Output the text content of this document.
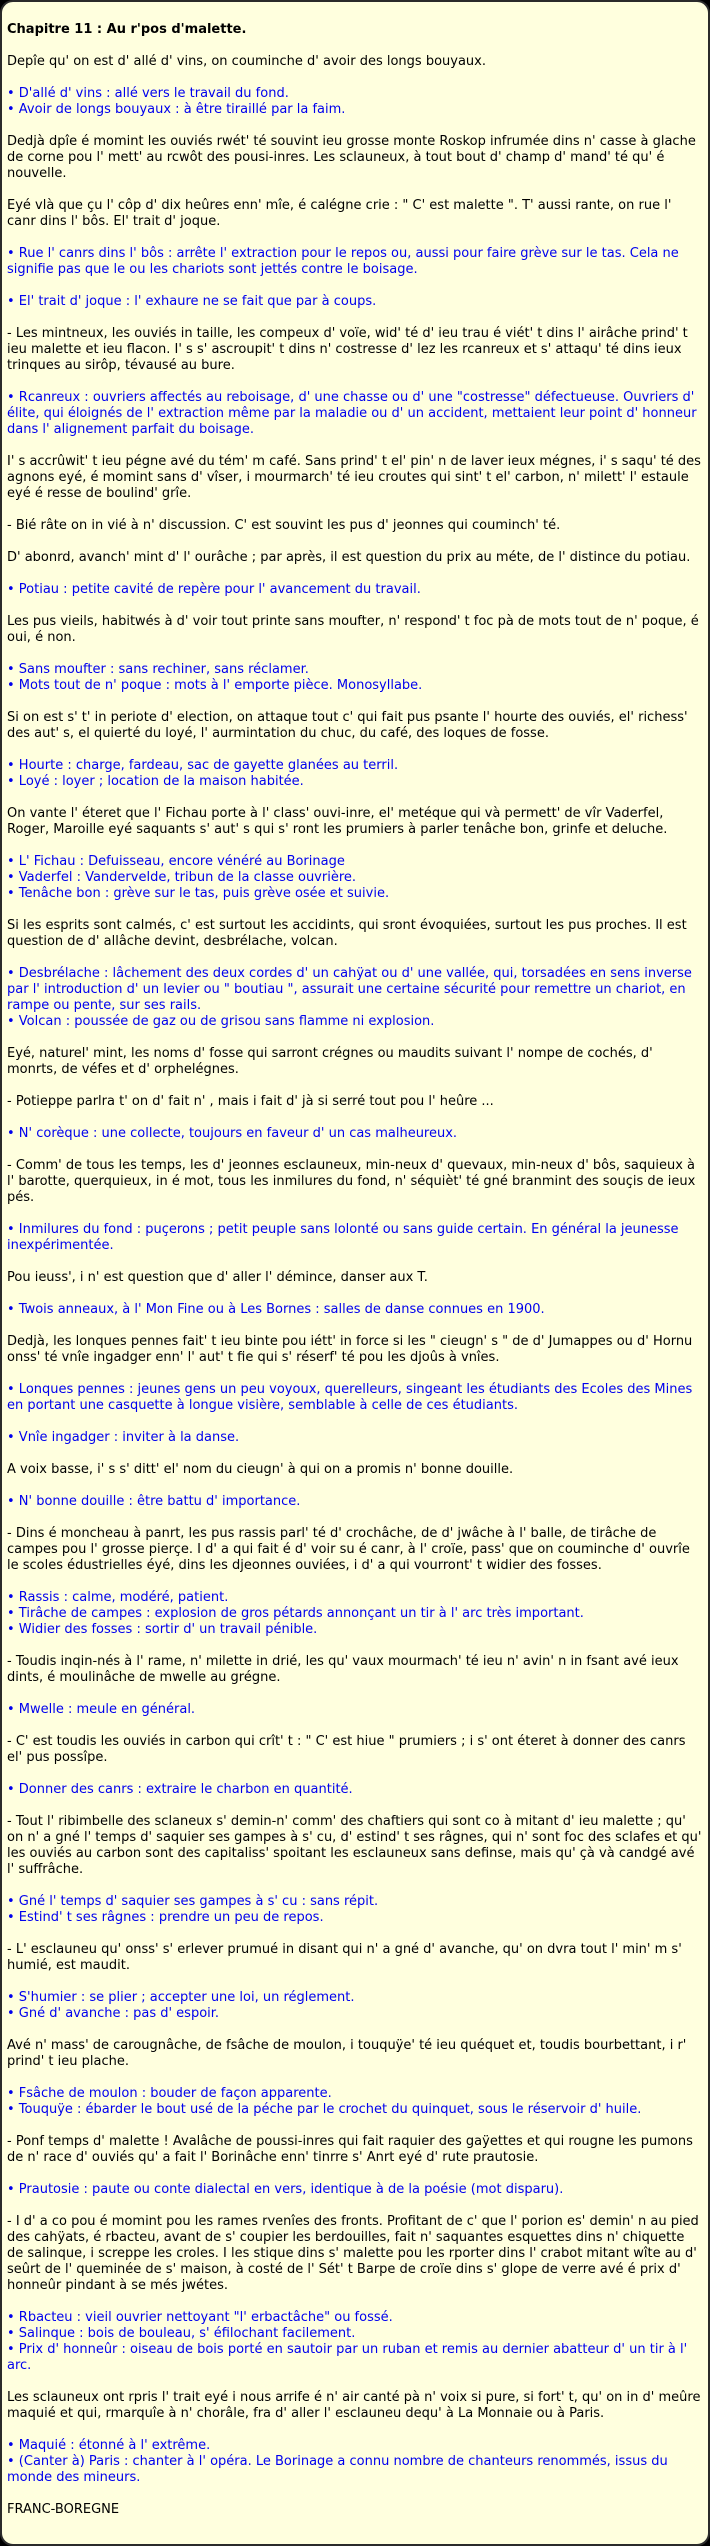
Chapitre 11 : Au r'pos d'malette.

Depîe qu' on est d' allé d' vins, on couminche d' avoir des longs bouyaux.

• D'allé d' vins : allé vers le travail du fond.
• Avoir de longs bouyaux : à être tiraillé par la faim.

Dedjà dpîe é momint les ouviés rwét' té souvint ieu grosse monte Roskop infrumée dins n' casse à glache de corne pou l' mett' au rcwôt des pousi-inres. Les sclauneux, à tout bout d' champ d' mand' té qu' é nouvelle.

Eyé vlà que çu l' côp d' dix heûres enn' mîe, é calégne crie : " C' est malette ". T' aussi rante, on rue l' canr dins l' bôs. El' trait d' joque.

• Rue l' canrs dins l' bôs : arrête l' extraction pour le repos ou, aussi pour faire grève sur le tas. Cela ne signifie pas que le ou les chariots sont jettés contre le boisage.

• El' trait d' joque : l' exhaure ne se fait que par à coups.

- Les mintneux, les ouviés in taille, les compeux d' voïe, wid' té d' ieu trau é viét' t dins l' airâche prind' t ieu malette et ieu flacon. I' s s' ascroupit' t dins n' costresse d' lez les rcanreux et s' attaqu' té dins ieux trinques au sirôp, tévausé au bure.

• Rcanreux : ouvriers affectés au reboisage, d' une chasse ou d' une "costresse" défectueuse. Ouvriers d' élite, qui éloignés de l' extraction même par la maladie ou d' un accident, mettaient leur point d' honneur dans l' alignement parfait du boisage.

I' s accrûwit' t ieu pégne avé du tém' m café. Sans prind' t el' pin' n de laver ieux mégnes, i' s saqu' té des agnons eyé, é momint sans d' vîser, i mourmarch' té ieu croutes qui sint' t el' carbon, n' milett' l' estaule eyé é resse de boulind' grîe.

- Bié râte on in vié à n' discussion. C' est souvint les pus d' jeonnes qui couminch' té.

D' abonrd, avanch' mint d' l' ourâche ; par après, il est question du prix au méte, de l' distince du potiau.

• Potiau : petite cavité de repère pour l' avancement du travail.

Les pus vieils, habitwés à d' voir tout printe sans moufter, n' respond' t foc pà de mots tout de n' poque, é oui, é non.

• Sans moufter : sans rechiner, sans réclamer.
• Mots tout de n' poque : mots à l' emporte pièce. Monosyllabe.

Si on est s' t' in periote d' election, on attaque tout c' qui fait pus psante l' hourte des ouviés, el' richess' des aut' s, el quierté du loyé, l' aurmintation du chuc, du café, des loques de fosse.

• Hourte : charge, fardeau, sac de gayette glanées au terril.
• Loyé : loyer ; location de la maison habitée.

On vante l' éteret que l' Fichau porte à l' class' ouvi-inre, el' metéque qui và permett' de vîr Vaderfel, Roger, Maroille eyé saquants s' aut' s qui s' ront les prumiers à parler tenâche bon, grinfe et deluche.

• L' Fichau : Defuisseau, encore vénéré au Borinage
• Vaderfel : Vandervelde, tribun de la classe ouvrière.
• Tenâche bon : grève sur le tas, puis grève osée et suivie.

Si les esprits sont calmés, c' est surtout les accidints, qui sront évoquiées, surtout les pus proches. Il est question de d' allâche devint, desbrélache, volcan.

• Desbrélache : lâchement des deux cordes d' un cahÿat ou d' une vallée, qui, torsadées en sens inverse par l' introduction d' un levier ou " boutiau ", assurait une certaine sécurité pour remettre un chariot, en rampe ou pente, sur ses rails.
• Volcan : poussée de gaz ou de grisou sans flamme ni explosion.

Eyé, naturel' mint, les noms d' fosse qui sarront crégnes ou maudits suivant l' nompe de cochés, d' monrts, de véfes et d' orphelégnes.

- Potieppe parlra t' on d' fait n' , mais i fait d' jà si serré tout pou l' heûre ...

• N' corèque : une collecte, toujours en faveur d' un cas malheureux.

- Comm' de tous les temps, les d' jeonnes esclauneux, min-neux d' quevaux, min-neux d' bôs, saquieux à l' barotte, querquieux, in é mot, tous les inmilures du fond, n' séquièt' té gné branmint des souçis de ieux pés.

• Inmilures du fond : puçerons ; petit peuple sans lolonté ou sans guide certain. En général la jeunesse inexpérimentée.

Pou ieuss', i n' est question que d' aller l' démince, danser aux T.

• Twois anneaux, à l' Mon Fine ou à Les Bornes : salles de danse connues en 1900.

Dedjà, les lonques pennes fait' t ieu binte pou iétt' in force si les " cieugn' s " de d' Jumappes ou d' Hornu onss' té vnîe ingadger enn' l' aut' t fie qui s' réserf' té pou les djoûs à vnîes.

• Lonques pennes : jeunes gens un peu voyoux, querelleurs, singeant les étudiants des Ecoles des Mines en portant une casquette à longue visière, semblable à celle de ces étudiants.

• Vnîe ingadger : inviter à la danse.

A voix basse, i' s s' ditt' el' nom du cieugn' à qui on a promis n' bonne douille.

• N' bonne douille : être battu d' importance.

- Dins é moncheau à panrt, les pus rassis parl' té d' crochâche, de d' jwâche à l' balle, de tirâche de campes pou l' grosse pierçe. I d' a qui fait é d' voir su é canr, à l' croïe, pass' que on couminche d' ouvrîe le scoles édustrielles éyé, dins les djeonnes ouviées, i d' a qui vourront' t widier des fosses.

• Rassis : calme, modéré, patient.
• Tirâche de campes : explosion de gros pétards annonçant un tir à l' arc très important.
• Widier des fosses : sortir d' un travail pénible.

- Toudis inqin-nés à l' rame, n' milette in drié, les qu' vaux mourmach' té ieu n' avin' n in fsant avé ieux dints, é moulinâche de mwelle au grégne.

• Mwelle : meule en général.

- C' est toudis les ouviés in carbon qui crît' t : " C' est hiue " prumiers ; i s' ont éteret à donner des canrs el' pus possîpe.

• Donner des canrs : extraire le charbon en quantité.

- Tout l' ribimbelle des sclaneux s' demin-n' comm' des chaftiers qui sont co à mitant d' ieu malette ; qu' on n' a gné l' temps d' saquier ses gampes à s' cu, d' estind' t ses râgnes, qui n' sont foc des sclafes et qu' les ouviés au carbon sont des capitaliss' spoitant les esclauneux sans definse, mais qu' çà và candgé avé l' suffrâche.

• Gné l' temps d' saquier ses gampes à s' cu : sans répit.
• Estind' t ses râgnes : prendre un peu de repos.

- L' esclauneu qu' onss' s' erlever prumué in disant qui n' a gné d' avanche, qu' on dvra tout l' min' m s' humié, est maudit.

• S'humier : se plier ; accepter une loi, un réglement.
• Gné d' avanche : pas d' espoir.

Avé n' mass' de carougnâche, de fsâche de moulon, i touquÿe' té ieu quéquet et, toudis bourbettant, i r' prind' t ieu plache.

• Fsâche de moulon : bouder de façon apparente.
• Touquÿe : ébarder le bout usé de la péche par le crochet du quinquet, sous le réservoir d' huile.

- Ponf temps d' malette ! Avalâche de poussi-inres qui fait raquier des gaÿettes et qui rougne les pumons de n' race d' ouviés qu' a fait l' Borinâche enn' tinrre s' Anrt eyé d' rute prautosie.

• Prautosie : paute ou conte dialectal en vers, identique à de la poésie (mot disparu).

- I d' a co pou é momint pou les rames rvenîes des fronts. Profitant de c' que l' porion es' demin' n au pied des cahÿats, é rbacteu, avant de s' coupier les berdouilles, fait n' saquantes esquettes dins n' chiquette de salinque, i screppe les croles. I les stique dins s' malette pou les rporter dins l' crabot mitant wîte au d' seûrt de l' queminée de s' maison, à costé de l' Sét' t Barpe de croïe dins s' glope de verre avé é prix d' honneûr pindant à se més jwétes.

• Rbacteu : vieil ouvrier nettoyant "l' erbactâche" ou fossé.
• Salinque : bois de bouleau, s' éfilochant facilement.
• Prix d' honneûr : oiseau de bois porté en sautoir par un ruban et remis au dernier abatteur d' un tir à l' arc.

Les sclauneux ont rpris l' trait eyé i nous arrife é n' air canté pà n' voix si pure, si fort' t, qu' on in d' meûre maquié et qui, rmarquîe à n' chorâle, fra d' aller l' esclauneu dequ' à La Monnaie ou à Paris.

• Maquié : étonné à l' extrême.
• (Canter à) Paris : chanter à l' opéra. Le Borinage a connu nombre de chanteurs renommés, issus du monde des mineurs.

FRANC-BOREGNE
